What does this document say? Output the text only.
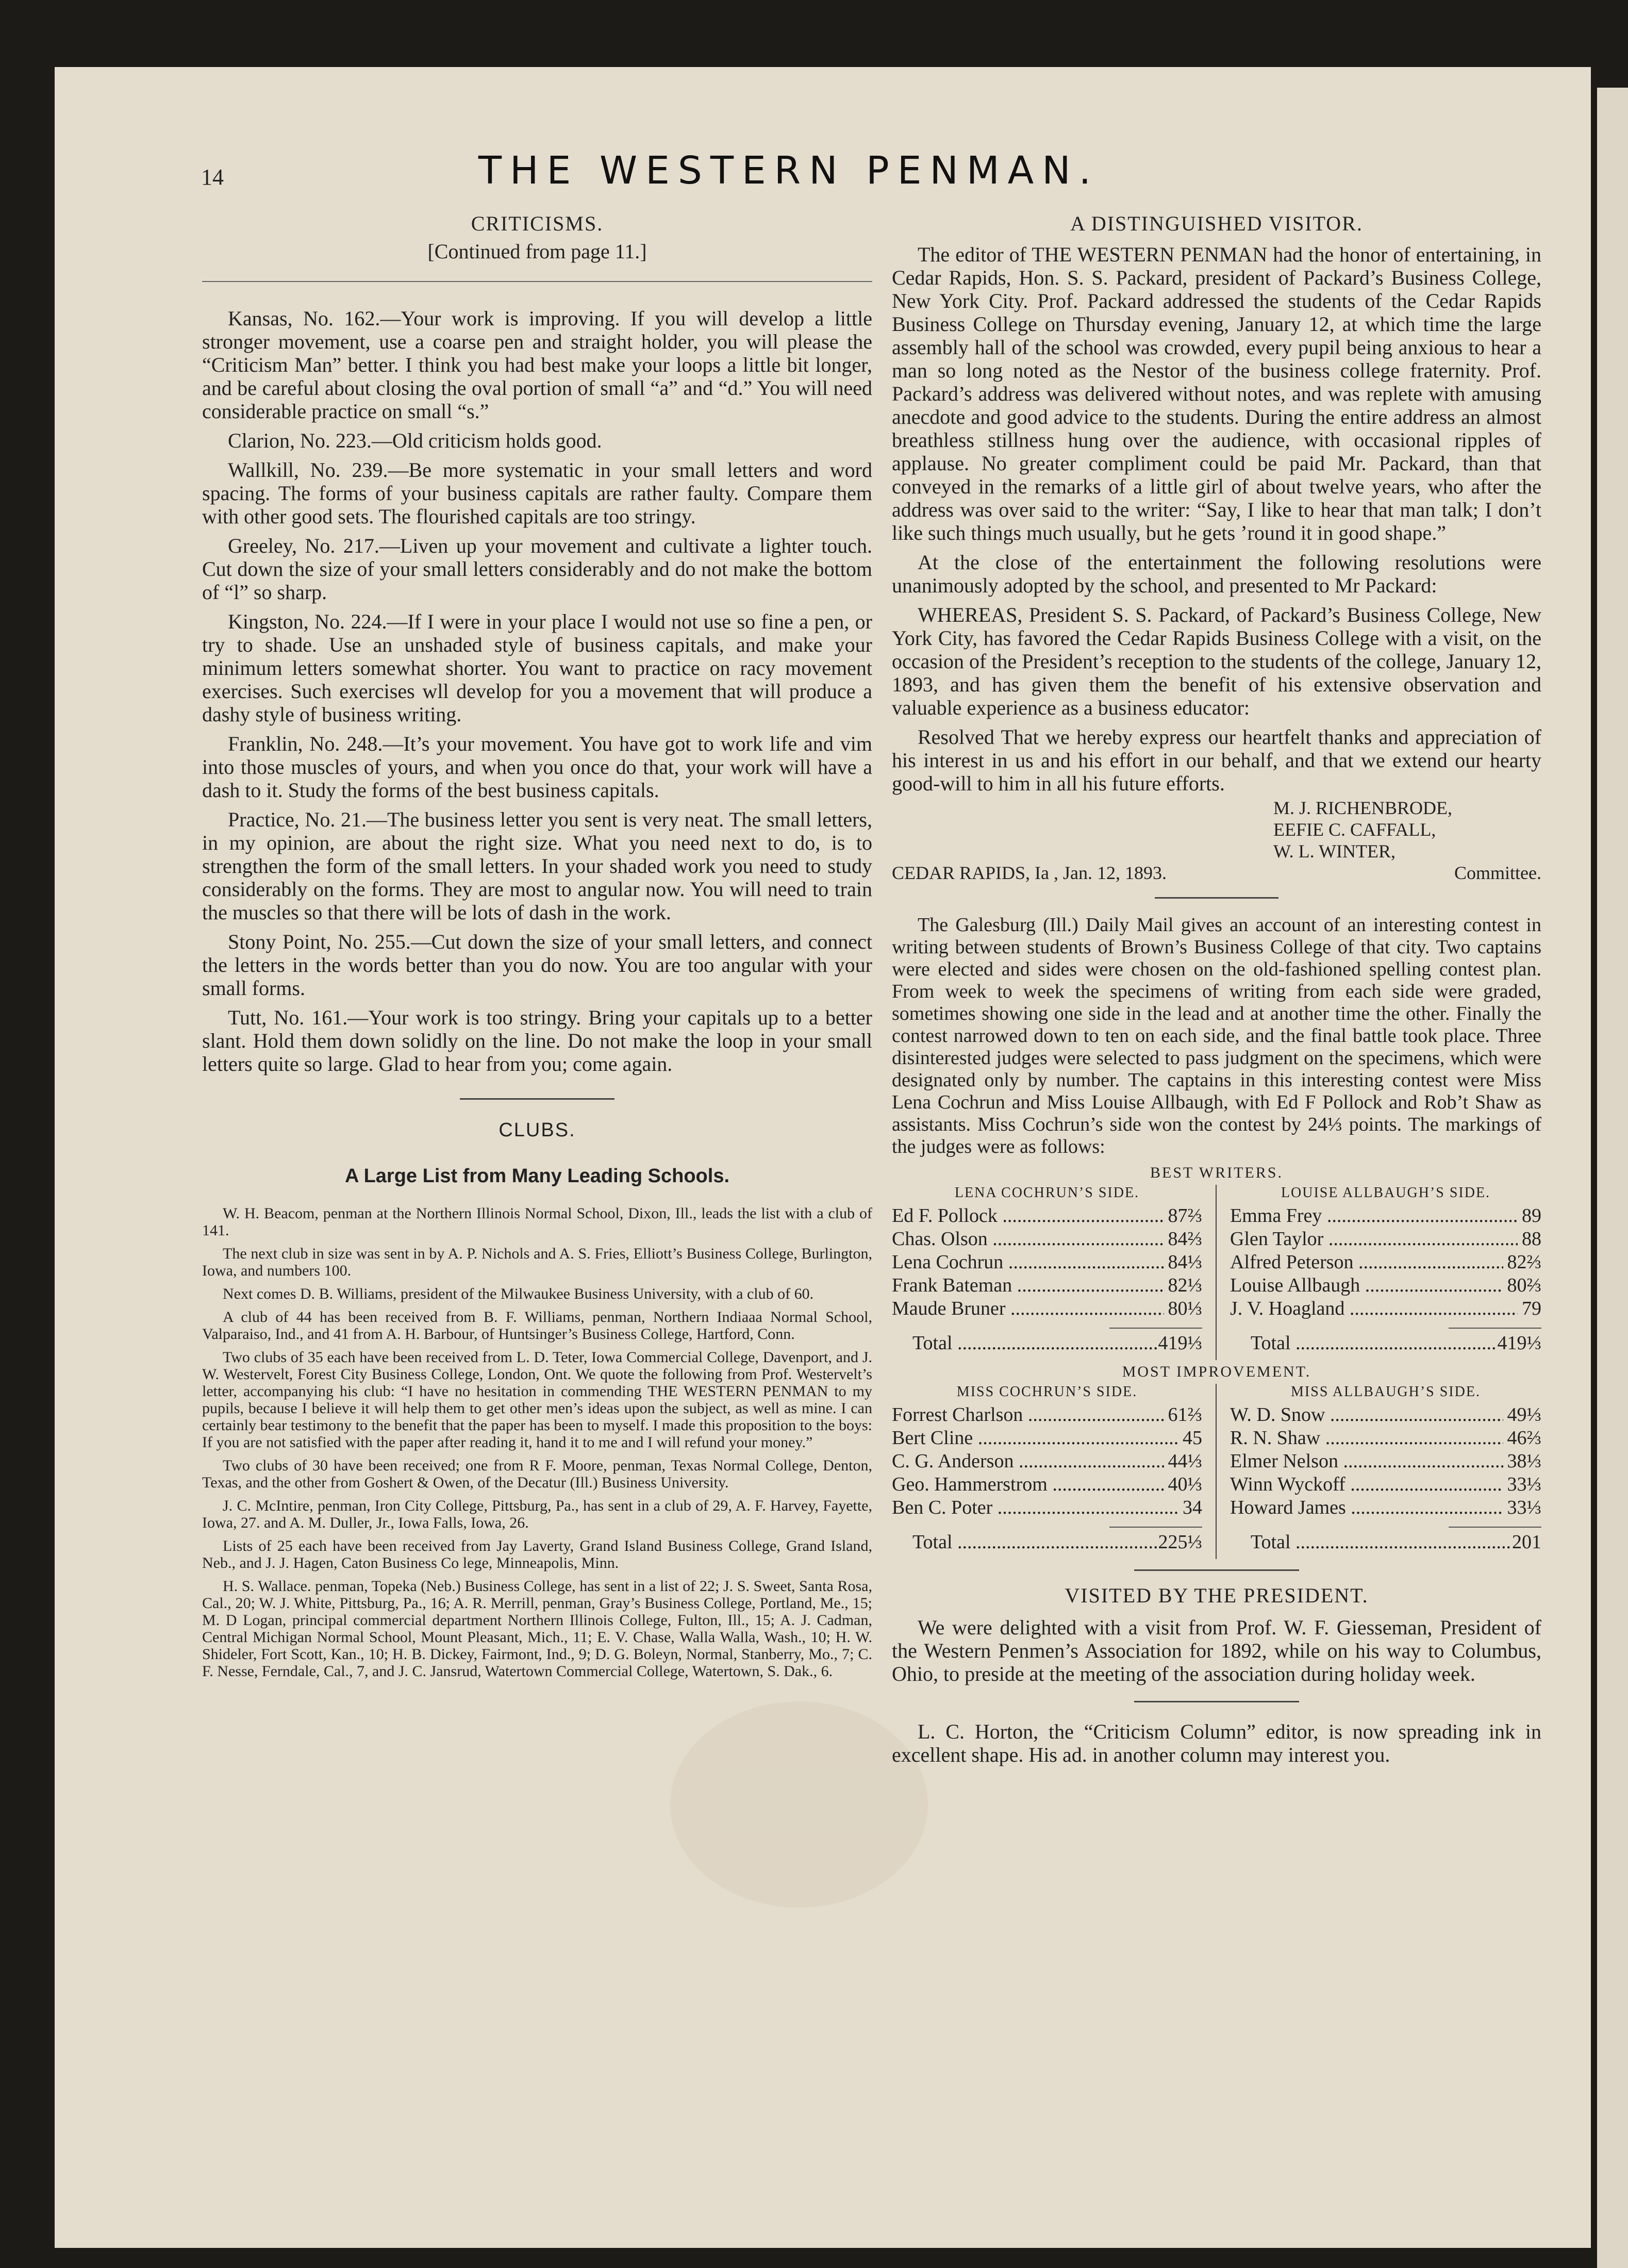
14	THE WESTERN PENMAN.
CRITICISMS.
[Continued from page 11.]

Kansas, No. 162.—Your work is improving. If you will develop a little stronger movement, use a coarse pen and straight holder, you will please the “Criticism Man” better. I think you had best make your loops a little bit longer, and be careful about closing the oval portion of small “a” and “d.” You will need considerable practice on small “s.”

Clarion, No. 223.—Old criticism holds good.

Wallkill, No. 239.—Be more systematic in your small letters and word spacing. The forms of your business capitals are rather faulty. Compare them with other good sets. The flourished capitals are too stringy.

Greeley, No. 217.—Liven up your movement and cultivate a lighter touch. Cut down the size of your small letters considerably and do not make the bottom of “l” so sharp.

Kingston, No. 224.—If I were in your place I would not use so fine a pen, or try to shade. Use an unshaded style of business capitals, and make your minimum letters somewhat shorter. You want to practice on racy movement exercises. Such exercises wll develop for you a movement that will produce a dashy style of business writing.

Franklin, No. 248.—It’s your movement. You have got to work life and vim into those muscles of yours, and when you once do that, your work will have a dash to it. Study the forms of the best business capitals.

Practice, No. 21.—The business letter you sent is very neat. The small letters, in my opinion, are about the right size. What you need next to do, is to strengthen the form of the small letters. In your shaded work you need to study considerably on the forms. They are most to angular now. You will need to train the muscles so that there will be lots of dash in the work.

Stony Point, No. 255.—Cut down the size of your small letters, and connect the letters in the words better than you do now. You are too angular with your small forms.

Tutt, No. 161.—Your work is too stringy. Bring your capitals up to a better slant. Hold them down solidly on the line. Do not make the loop in your small letters quite so large. Glad to hear from you; come again.

CLUBS.
A Large List from Many Leading Schools.

W. H. Beacom, penman at the Northern Illinois Normal School, Dixon, Ill., leads the list with a club of 141.

The next club in size was sent in by A. P. Nichols and A. S. Fries, Elliott’s Business College, Burlington, Iowa, and numbers 100.

Next comes D. B. Williams, president of the Milwaukee Business University, with a club of 60.

A club of 44 has been received from B. F. Williams, penman, Northern Indiaaa Normal School, Valparaiso, Ind., and 41 from A. H. Barbour, of Huntsinger’s Business College, Hartford, Conn.

Two clubs of 35 each have been received from L. D. Teter, Iowa Commercial College, Davenport, and J. W. Westervelt, Forest City Business College, London, Ont. We quote the following from Prof. Westervelt’s letter, accompanying his club: “I have no hesitation in commending THE WESTERN PENMAN to my pupils, because I believe it will help them to get other men’s ideas upon the subject, as well as mine. I can certainly bear testimony to the benefit that the paper has been to myself. I made this proposition to the boys: If you are not satisfied with the paper after reading it, hand it to me and I will refund your money.”

Two clubs of 30 have been received; one from R F. Moore, penman, Texas Normal College, Denton, Texas, and the other from Goshert & Owen, of the Decatur (Ill.) Business University.

J. C. McIntire, penman, Iron City College, Pittsburg, Pa., has sent in a club of 29, A. F. Harvey, Fayette, Iowa, 27. and A. M. Duller, Jr., Iowa Falls, Iowa, 26.

Lists of 25 each have been received from Jay Laverty, Grand Island Business College, Grand Island, Neb., and J. J. Hagen, Caton Business Co lege, Minneapolis, Minn.

H. S. Wallace. penman, Topeka (Neb.) Business College, has sent in a list of 22; J. S. Sweet, Santa Rosa, Cal., 20; W. J. White, Pittsburg, Pa., 16; A. R. Merrill, penman, Gray’s Business College, Portland, Me., 15; M. D Logan, principal commercial department Northern Illinois College, Fulton, Ill., 15; A. J. Cadman, Central Michigan Normal School, Mount Pleasant, Mich., 11; E. V. Chase, Walla Walla, Wash., 10; H. W. Shideler, Fort Scott, Kan., 10; H. B. Dickey, Fairmont, Ind., 9; D. G. Boleyn, Normal, Stanberry, Mo., 7; C. F. Nesse, Ferndale, Cal., 7, and J. C. Jansrud, Watertown Commercial College, Watertown, S. Dak., 6.

A DISTINGUISHED VISITOR.

The editor of THE WESTERN PENMAN had the honor of entertaining, in Cedar Rapids, Hon. S. S. Packard, president of Packard’s Business College, New York City. Prof. Packard addressed the students of the Cedar Rapids Business College on Thursday evening, January 12, at which time the large assembly hall of the school was crowded, every pupil being anxious to hear a man so long noted as the Nestor of the business college fraternity. Prof. Packard’s address was delivered without notes, and was replete with amusing anecdote and good advice to the students. During the entire address an almost breathless stillness hung over the audience, with occasional ripples of applause. No greater compliment could be paid Mr. Packard, than that conveyed in the remarks of a little girl of about twelve years, who after the address was over said to the writer: “Say, I like to hear that man talk; I don’t like such things much usually, but he gets ’round it in good shape.”

At the close of the entertainment the following resolutions were unanimously adopted by the school, and presented to Mr Packard:

WHEREAS, President S. S. Packard, of Packard’s Business College, New York City, has favored the Cedar Rapids Business College with a visit, on the occasion of the President’s reception to the students of the college, January 12, 1893, and has given them the benefit of his extensive observation and valuable experience as a business educator:

Resolved That we hereby express our heartfelt thanks and appreciation of his interest in us and his effort in our behalf, and that we extend our hearty good-will to him in all his future efforts.

M. J. RICHENBRODE,
EEFIE C. CAFFALL,
W. L. WINTER,
CEDAR RAPIDS, Ia , Jan. 12, 1893.	Committee.

The Galesburg (Ill.) Daily Mail gives an account of an interesting contest in writing between students of Brown’s Business College of that city. Two captains were elected and sides were chosen on the old-fashioned spelling contest plan. From week to week the specimens of writing from each side were graded, sometimes showing one side in the lead and at another time the other. Finally the contest narrowed down to ten on each side, and the final battle took place. Three disinterested judges were selected to pass judgment on the specimens, which were designated only by number. The captains in this interesting contest were Miss Lena Cochrun and Miss Louise Allbaugh, with Ed F Pollock and Rob’t Shaw as assistants. Miss Cochrun’s side won the contest by 24⅓ points. The markings of the judges were as follows:

BEST WRITERS.
LENA COCHRUN’S SIDE.
Ed F. Pollock .....	87⅔
Chas. Olson .....	84⅔
Lena Cochrun .....	84⅓
Frank Bateman .....	82⅓
Maude Bruner .....	80⅓
Total .....	419⅓
LOUISE ALLBAUGH’S SIDE.
Emma Frey .....	89
Glen Taylor .....	88
Alfred Peterson .....	82⅔
Louise Allbaugh .....	80⅔
J. V. Hoagland .....	79
Total .....	419⅓
MOST IMPROVEMENT.
MISS COCHRUN’S SIDE.
Forrest Charlson .....	61⅔
Bert Cline .....	45
C. G. Anderson .....	44⅓
Geo. Hammerstrom .....	40⅓
Ben C. Poter .....	34
Total .....	225⅓
MISS ALLBAUGH’S SIDE.
W. D. Snow .....	49⅓
R. N. Shaw .....	46⅔
Elmer Nelson .....	38⅓
Winn Wyckoff .....	33⅓
Howard James .....	33⅓
Total .....	201
VISITED BY THE PRESIDENT.

We were delighted with a visit from Prof. W. F. Giesseman, President of the Western Penmen’s Association for 1892, while on his way to Columbus, Ohio, to preside at the meeting of the association during holiday week.

L. C. Horton, the “Criticism Column” editor, is now spreading ink in excellent shape. His ad. in another column may interest you.
